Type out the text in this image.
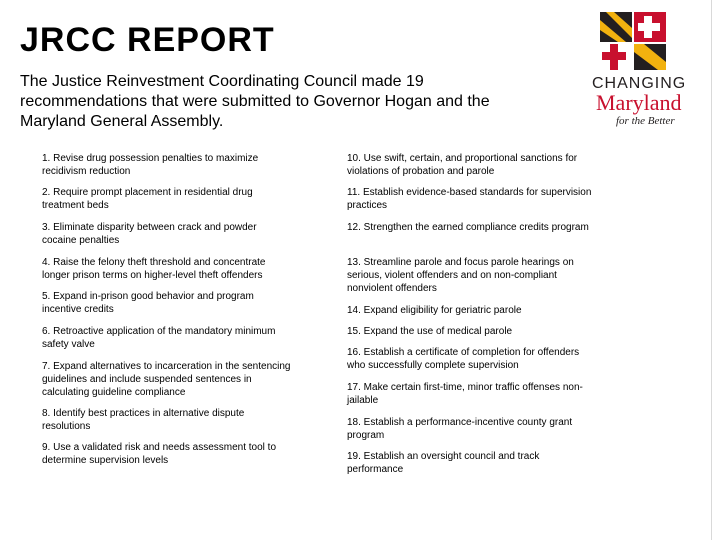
JRCC REPORT

The Justice Reinvestment Coordinating Council made 19 recommendations that were submitted to Governor Hogan and the Maryland General Assembly.

CHANGING
Maryland
for the Better

1. Revise drug possession penalties to maximize recidivism reduction

2. Require prompt placement in residential drug treatment beds

3. Eliminate disparity between crack and powder cocaine penalties

4. Raise the felony theft threshold and concentrate longer prison terms on higher-level theft offenders

5. Expand in-prison good behavior and program incentive credits

6. Retroactive application of the mandatory minimum safety valve

7. Expand alternatives to incarceration in the sentencing guidelines and include suspended sentences in calculating guideline compliance

8. Identify best practices in alternative dispute resolutions

9. Use a validated risk and needs assessment tool to determine supervision levels

10. Use swift, certain, and proportional sanctions for violations of probation and parole

11. Establish evidence-based standards for supervision practices

12. Strengthen the earned compliance credits program

13. Streamline parole and focus parole hearings on serious, violent offenders and on non-compliant nonviolent offenders

14. Expand eligibility for geriatric parole

15. Expand the use of medical parole

16. Establish a certificate of completion for offenders who successfully complete supervision

17. Make certain first-time, minor traffic offenses non-jailable

18. Establish a performance-incentive county grant program

19. Establish an oversight council and track performance
